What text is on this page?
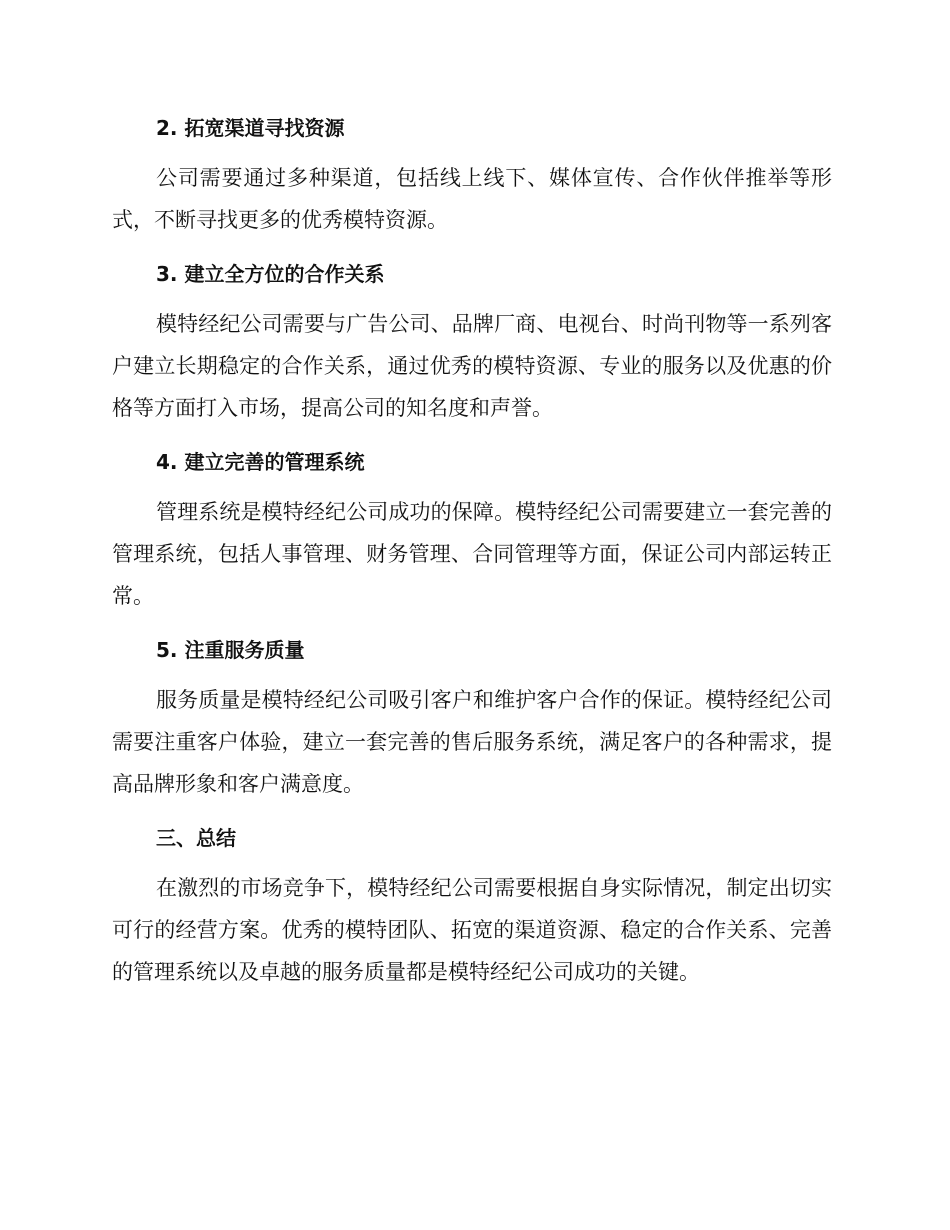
2. 拓宽渠道寻找资源

公司需要通过多种渠道，包括线上线下、媒体宣传、合作伙伴推举等形式，不断寻找更多的优秀模特资源。

3. 建立全方位的合作关系

模特经纪公司需要与广告公司、品牌厂商、电视台、时尚刊物等一系列客户建立长期稳定的合作关系，通过优秀的模特资源、专业的服务以及优惠的价格等方面打入市场，提高公司的知名度和声誉。

4. 建立完善的管理系统

管理系统是模特经纪公司成功的保障。模特经纪公司需要建立一套完善的管理系统，包括人事管理、财务管理、合同管理等方面，保证公司内部运转正常。

5. 注重服务质量

服务质量是模特经纪公司吸引客户和维护客户合作的保证。模特经纪公司需要注重客户体验，建立一套完善的售后服务系统，满足客户的各种需求，提高品牌形象和客户满意度。

三、总结

在激烈的市场竞争下，模特经纪公司需要根据自身实际情况，制定出切实可行的经营方案。优秀的模特团队、拓宽的渠道资源、稳定的合作关系、完善的管理系统以及卓越的服务质量都是模特经纪公司成功的关键。
